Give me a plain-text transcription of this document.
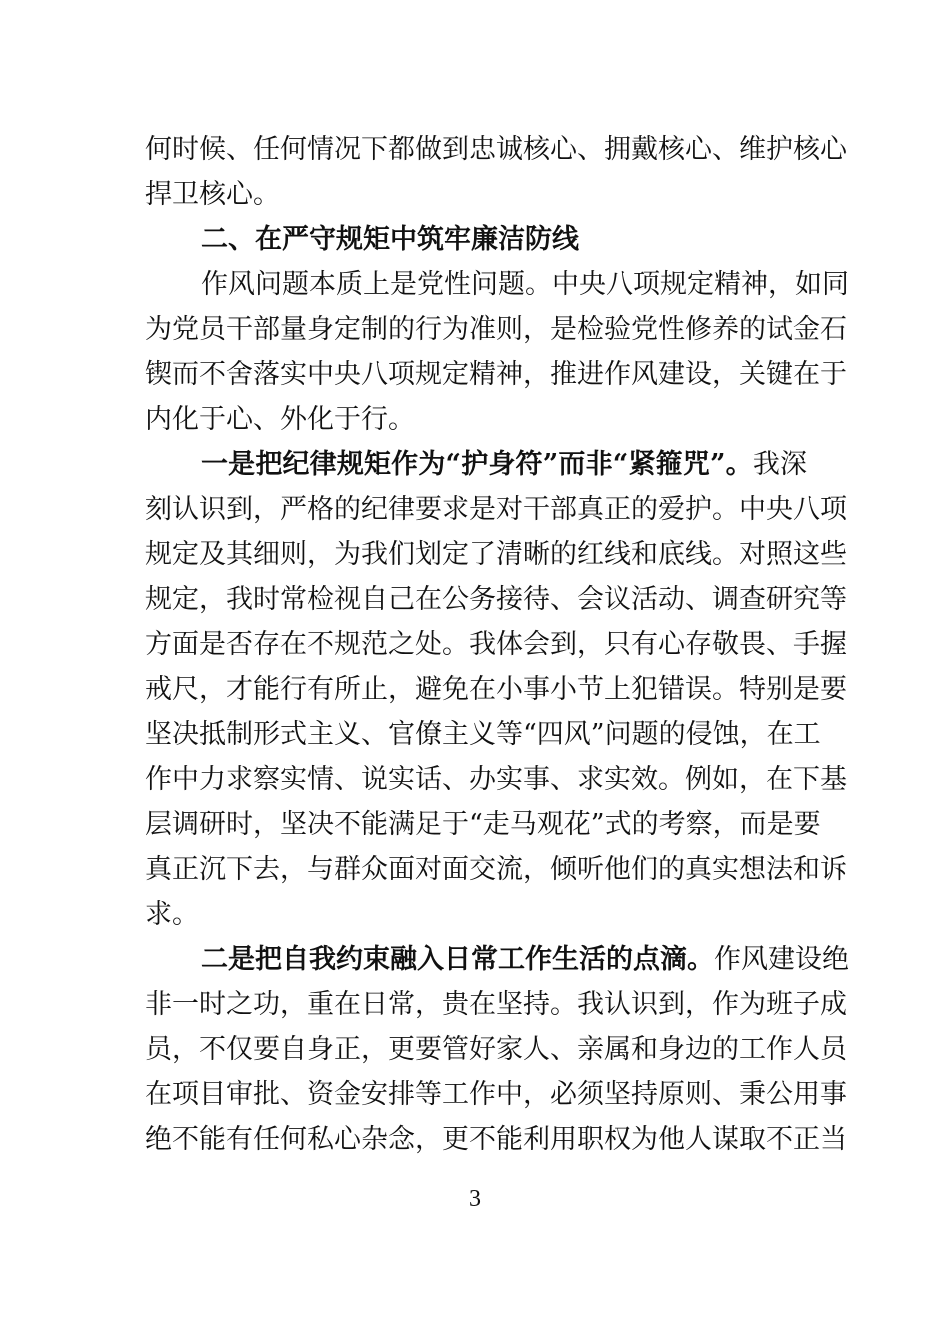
何时候、任何情况下都做到忠诚核心、拥戴核心、维护核心
捍卫核心。
二、在严守规矩中筑牢廉洁防线
作风问题本质上是党性问题。中央八项规定精神，如同
为党员干部量身定制的行为准则，是检验党性修养的试金石
锲而不舍落实中央八项规定精神，推进作风建设，关键在于
内化于心、外化于行。
一是把纪律规矩作为“护身符”而非“紧箍咒”。我深
刻认识到，严格的纪律要求是对干部真正的爱护。中央八项
规定及其细则，为我们划定了清晰的红线和底线。对照这些
规定，我时常检视自己在公务接待、会议活动、调查研究等
方面是否存在不规范之处。我体会到，只有心存敬畏、手握
戒尺，才能行有所止，避免在小事小节上犯错误。特别是要
坚决抵制形式主义、官僚主义等“四风”问题的侵蚀，在工
作中力求察实情、说实话、办实事、求实效。例如，在下基
层调研时，坚决不能满足于“走马观花”式的考察，而是要
真正沉下去，与群众面对面交流，倾听他们的真实想法和诉
求。
二是把自我约束融入日常工作生活的点滴。作风建设绝
非一时之功，重在日常，贵在坚持。我认识到，作为班子成
员，不仅要自身正，更要管好家人、亲属和身边的工作人员
在项目审批、资金安排等工作中，必须坚持原则、秉公用事
绝不能有任何私心杂念，更不能利用职权为他人谋取不正当
3
